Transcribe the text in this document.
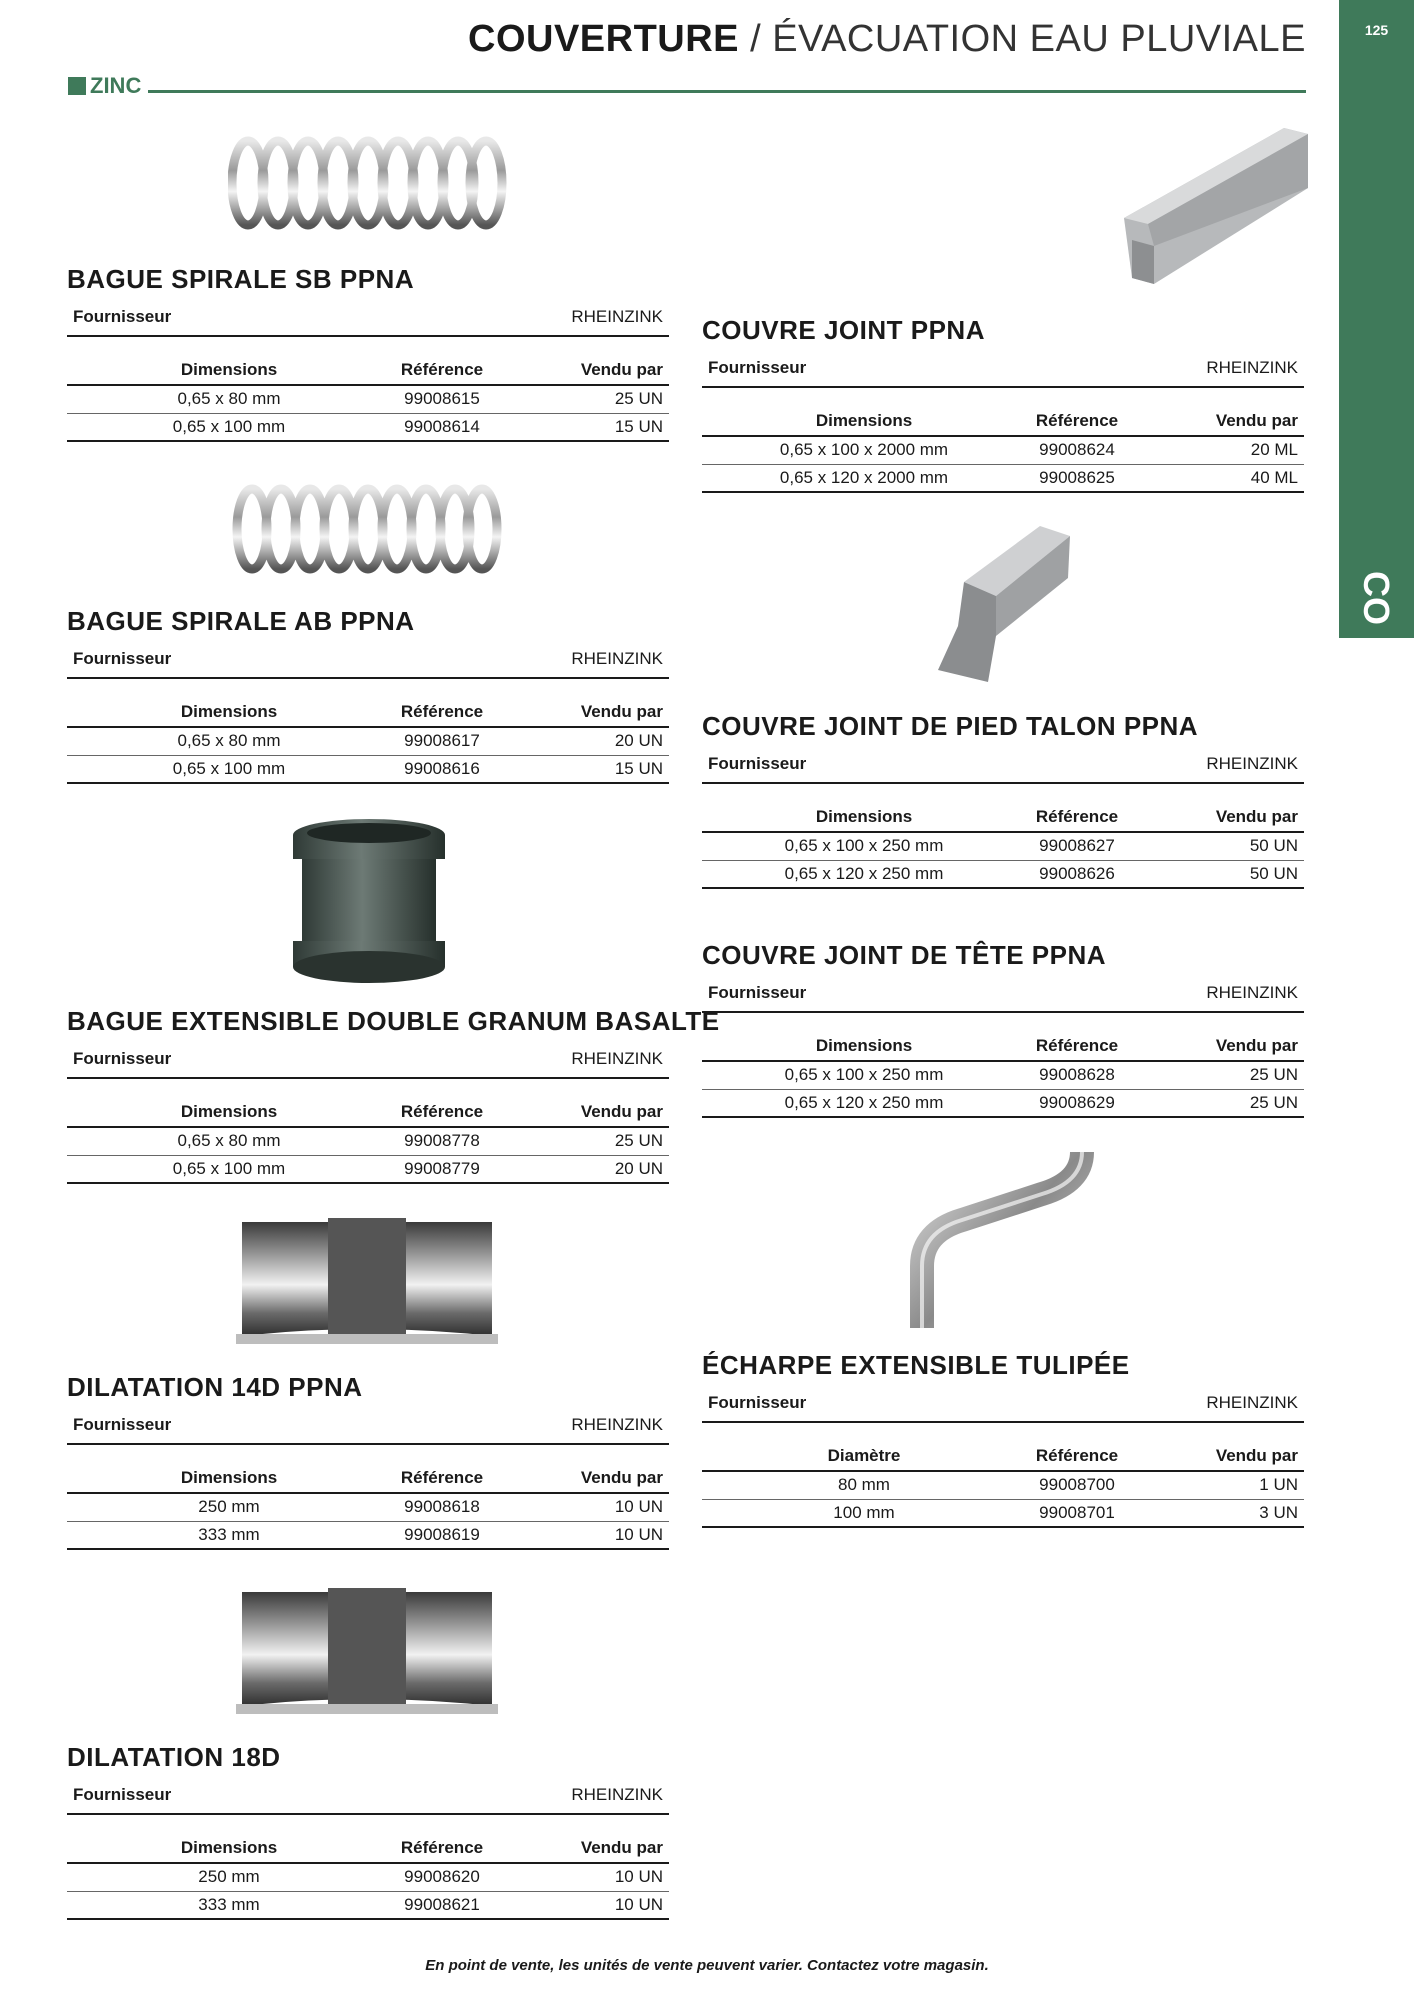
COUVERTURE / ÉVACUATION EAU PLUVIALE	125
CO
ZINC
BAGUE SPIRALE SB PPNA
Fournisseur	RHEINZINK
Dimensions	Référence	Vendu par
0,65 x 80 mm	99008615	25 UN
0,65 x 100 mm	99008614	15 UN
BAGUE SPIRALE AB PPNA
Fournisseur	RHEINZINK
Dimensions	Référence	Vendu par
0,65 x 80 mm	99008617	20 UN
0,65 x 100 mm	99008616	15 UN
BAGUE EXTENSIBLE DOUBLE GRANUM BASALTE
Fournisseur	RHEINZINK
Dimensions	Référence	Vendu par
0,65 x 80 mm	99008778	25 UN
0,65 x 100 mm	99008779	20 UN
DILATATION 14D PPNA
Fournisseur	RHEINZINK
Dimensions	Référence	Vendu par
250 mm	99008618	10 UN
333 mm	99008619	10 UN
DILATATION 18D
Fournisseur	RHEINZINK
Dimensions	Référence	Vendu par
250 mm	99008620	10 UN
333 mm	99008621	10 UN
COUVRE JOINT PPNA
Fournisseur	RHEINZINK
Dimensions	Référence	Vendu par
0,65 x 100 x 2000 mm	99008624	20 ML
0,65 x 120 x 2000 mm	99008625	40 ML
COUVRE JOINT DE PIED TALON PPNA
Fournisseur	RHEINZINK
Dimensions	Référence	Vendu par
0,65 x 100 x 250 mm	99008627	50 UN
0,65 x 120 x 250 mm	99008626	50 UN
COUVRE JOINT DE TÊTE PPNA
Fournisseur	RHEINZINK
Dimensions	Référence	Vendu par
0,65 x 100 x 250 mm	99008628	25 UN
0,65 x 120 x 250 mm	99008629	25 UN
ÉCHARPE EXTENSIBLE TULIPÉE
Fournisseur	RHEINZINK
Diamètre	Référence	Vendu par
80 mm	99008700	1 UN
100 mm	99008701	3 UN
En point de vente, les unités de vente peuvent varier. Contactez votre magasin.
